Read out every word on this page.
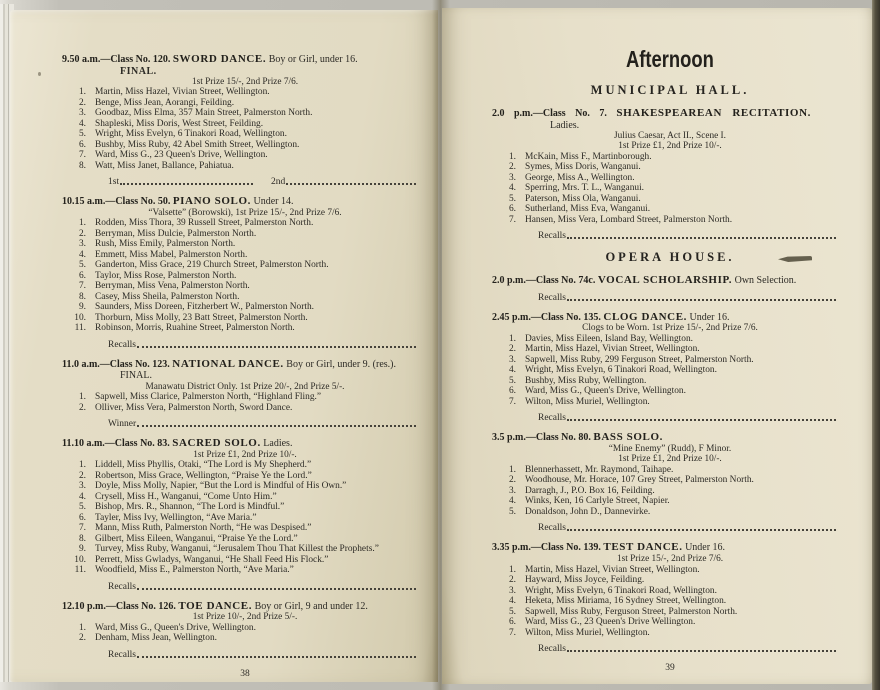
9.50 a.m.—Class No. 120. SWORD DANCE. Boy or Girl, under 16.
FINAL.
1st Prize 15/-, 2nd Prize 7/6.
1. Martin, Miss Hazel, Vivian Street, Wellington.
2. Benge, Miss Jean, Aorangi, Feilding.
3. Goodbaz, Miss Elma, 357 Main Street, Palmerston North.
4. Shapleski, Miss Doris, West Street, Feilding.
5. Wright, Miss Evelyn, 6 Tinakori Road, Wellington.
6. Bushby, Miss Ruby, 42 Abel Smith Street, Wellington.
7. Ward, Miss G., 23 Queen's Drive, Wellington.
8. Watt, Miss Janet, Ballance, Pahiatua.
1st	2nd
10.15 a.m.—Class No. 50. PIANO SOLO. Under 14.
“Valsette” (Borowski), 1st Prize 15/-, 2nd Prize 7/6.
1. Rodden, Miss Thora, 39 Russell Street, Palmerston North.
2. Berryman, Miss Dulcie, Palmerston North.
3. Rush, Miss Emily, Palmerston North.
4. Emmett, Miss Mabel, Palmerston North.
5. Ganderton, Miss Grace, 219 Church Street, Palmerston North.
6. Taylor, Miss Rose, Palmerston North.
7. Berryman, Miss Vena, Palmerston North.
8. Casey, Miss Sheila, Palmerston North.
9. Saunders, Miss Doreen, Fitzherbert W., Palmerston North.
10. Thorburn, Miss Molly, 23 Batt Street, Palmerston North.
11. Robinson, Morris, Ruahine Street, Palmerston North.
Recalls
11.0 a.m.—Class No. 123. NATIONAL DANCE. Boy or Girl, under 9. (res.). FINAL.
Manawatu District Only. 1st Prize 20/-, 2nd Prize 5/-.
1. Sapwell, Miss Clarice, Palmerston North, “Highland Fling.”
2. Olliver, Miss Vera, Palmerston North, Sword Dance.
Winner
11.10 a.m.—Class No. 83. SACRED SOLO. Ladies.
1st Prize £1, 2nd Prize 10/-.
1. Liddell, Miss Phyllis, Otaki, “The Lord is My Shepherd.”
2. Robertson, Miss Grace, Wellington, “Praise Ye the Lord.”
3. Doyle, Miss Molly, Napier, “But the Lord is Mindful of His Own.”
4. Crysell, Miss H., Wanganui, “Come Unto Him.”
5. Bishop, Mrs. R., Shannon, “The Lord is Mindful.”
6. Tayler, Miss Ivy, Wellington, “Ave Maria.”
7. Mann, Miss Ruth, Palmerston North, “He was Despised.”
8. Gilbert, Miss Eileen, Wanganui, “Praise Ye the Lord.”
9. Turvey, Miss Ruby, Wanganui, “Jerusalem Thou That Killest the Prophets.”
10. Perrett, Miss Gwladys, Wanganui, “He Shall Feed His Flock.”
11. Woodfield, Miss E., Palmerston North, “Ave Maria.”
Recalls
12.10 p.m.—Class No. 126. TOE DANCE. Boy or Girl, 9 and under 12.
1st Prize 10/-, 2nd Prize 5/-.
1. Ward, Miss G., Queen's Drive, Wellington.
2. Denham, Miss Jean, Wellington.
Recalls
38
Afternoon
MUNICIPAL HALL.
2.0 p.m.—Class No. 7. SHAKESPEAREAN RECITATION.
Ladies.
Julius Caesar, Act II., Scene I.
1st Prize £1, 2nd Prize 10/-.
1. McKain, Miss F., Martinborough.
2. Symes, Miss Doris, Wanganui.
3. George, Miss A., Wellington.
4. Sperring, Mrs. T. L., Wanganui.
5. Paterson, Miss Ola, Wanganui.
6. Sutherland, Miss Eva, Wanganui.
7. Hansen, Miss Vera, Lombard Street, Palmerston North.
Recalls
OPERA HOUSE.
2.0 p.m.—Class No. 74c. VOCAL SCHOLARSHIP. Own Selection.
Recalls
2.45 p.m.—Class No. 135. CLOG DANCE. Under 16.
Clogs to be Worn. 1st Prize 15/-, 2nd Prize 7/6.
1. Davies, Miss Eileen, Island Bay, Wellington.
2. Martin, Miss Hazel, Vivian Street, Wellington.
3. Sapwell, Miss Ruby, 299 Ferguson Street, Palmerston North.
4. Wright, Miss Evelyn, 6 Tinakori Road, Wellington.
5. Bushby, Miss Ruby, Wellington.
6. Ward, Miss G., Queen's Drive, Wellington.
7. Wilton, Miss Muriel, Wellington.
Recalls
3.5 p.m.—Class No. 80. BASS SOLO.
“Mine Enemy” (Rudd), F Minor.
1st Prize £1, 2nd Prize 10/-.
1. Blennerhassett, Mr. Raymond, Taihape.
2. Woodhouse, Mr. Horace, 107 Grey Street, Palmerston North.
3. Darragh, J., P.O. Box 16, Feilding.
4. Winks, Ken, 16 Carlyle Street, Napier.
5. Donaldson, John D., Dannevirke.
Recalls
3.35 p.m.—Class No. 139. TEST DANCE. Under 16.
1st Prize 15/-, 2nd Prize 7/6.
1. Martin, Miss Hazel, Vivian Street, Wellington.
2. Hayward, Miss Joyce, Feilding.
3. Wright, Miss Evelyn, 6 Tinakori Road, Wellington.
4. Heketa, Miss Miriama, 16 Sydney Street, Wellington.
5. Sapwell, Miss Ruby, Ferguson Street, Palmerston North.
6. Ward, Miss G., 23 Queen's Drive Wellington.
7. Wilton, Miss Muriel, Wellington.
Recalls
39
